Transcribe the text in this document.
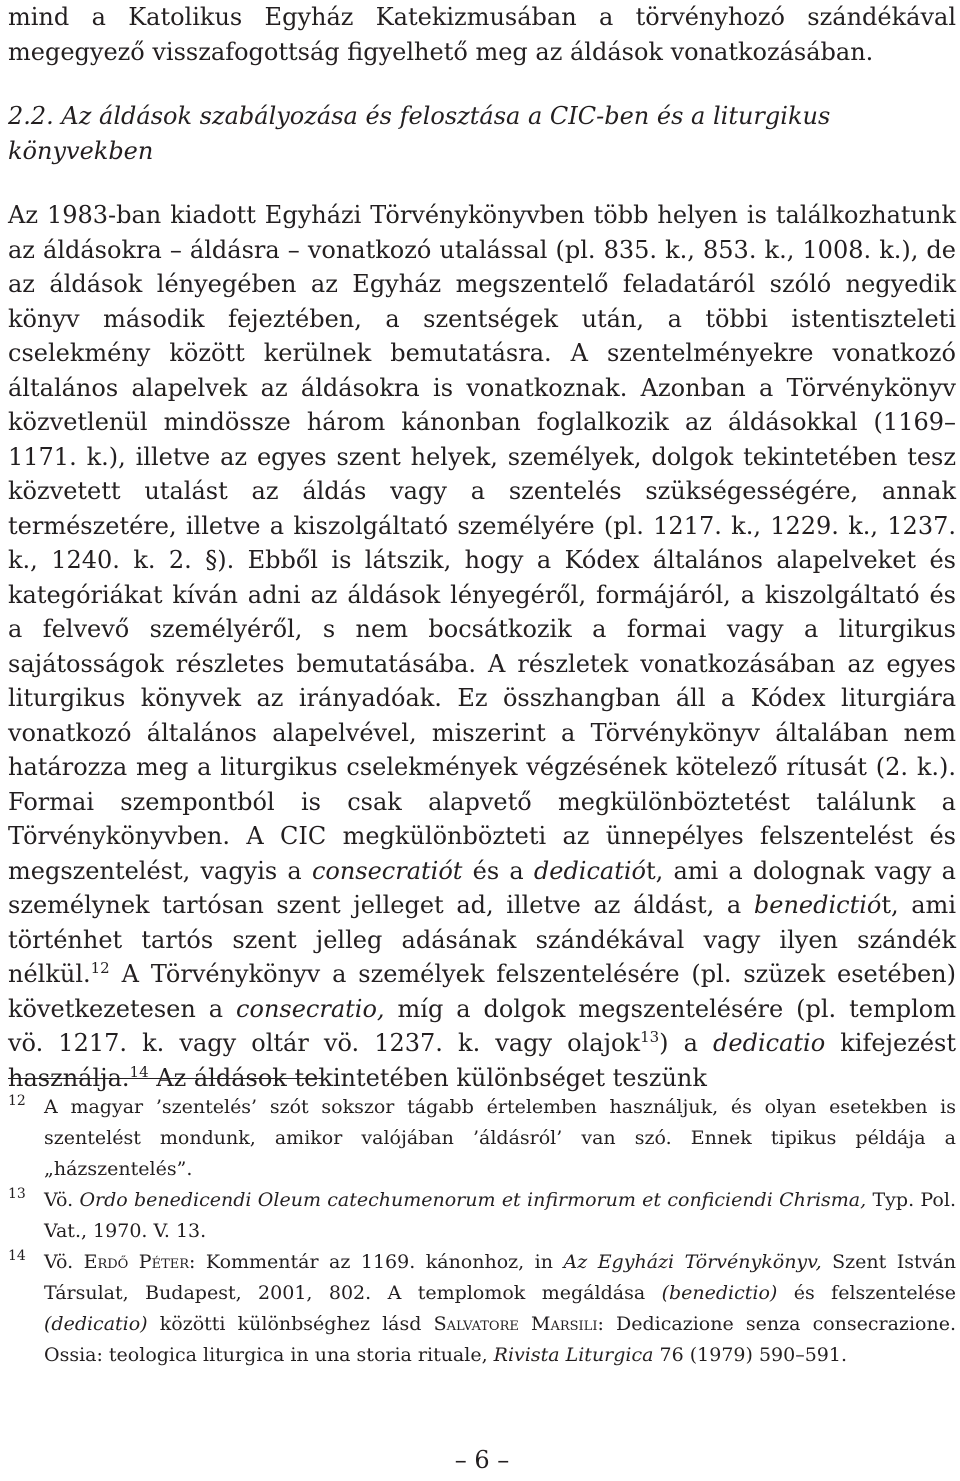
mind a Katolikus Egyház Katekizmusában a törvényhozó szándékával megegyező visszafogottság figyelhető meg az áldások vonatkozásában.

2.2. Az áldások szabályozása és felosztása a CIC-ben és a liturgikus könyvekben

Az 1983-ban kiadott Egyházi Törvénykönyvben több helyen is találkozhatunk az áldásokra – áldásra – vonatkozó utalással (pl. 835. k., 853. k., 1008. k.), de az áldások lényegében az Egyház megszentelő feladatáról szóló negyedik könyv második fejeztében, a szentségek után, a többi istentiszteleti cselekmény között kerülnek bemutatásra. A szentelményekre vonatkozó általános alapelvek az áldásokra is vonatkoznak. Azonban a Törvénykönyv közvetlenül mindössze három kánonban foglalkozik az áldásokkal (1169–1171. k.), illetve az egyes szent helyek, személyek, dolgok tekintetében tesz közvetett utalást az áldás vagy a szentelés szükségességére, annak természetére, illetve a kiszolgáltató személyére (pl. 1217. k., 1229. k., 1237. k., 1240. k. 2. §). Ebből is látszik, hogy a Kódex általános alapelveket és kategóriákat kíván adni az áldások lényegéről, formájáról, a kiszolgáltató és a felvevő személyéről, s nem bocsátkozik a formai vagy a liturgikus sajátosságok részletes bemutatásába. A részletek vonatkozásában az egyes liturgikus könyvek az irányadóak. Ez összhangban áll a Kódex liturgiára vonatkozó általános alapelvével, miszerint a Törvénykönyv általában nem határozza meg a liturgikus cselekmények végzésének kötelező rítusát (2. k.). Formai szempontból is csak alapvető megkülönböztetést találunk a Törvénykönyvben. A CIC megkülönbözteti az ünnepélyes felszentelést és megszentelést, vagyis a consecratiót és a dedicatiót, ami a dolognak vagy a személynek tartósan szent jelleget ad, illetve az áldást, a benedictiót, ami történhet tartós szent jelleg adásának szándékával vagy ilyen szándék nélkül.$^{12}$ A Törvénykönyv a személyek felszentelésére (pl. szüzek esetében) következetesen a consecratio, míg a dolgok megszentelésére (pl. templom vö. 1217. k. vagy oltár vö. 1237. k. vagy olajok$^{13}$) a dedicatio kifejezést használja.$^{14}$ Az áldások tekintetében különbséget teszünk

12 A magyar ’szentelés’ szót sokszor tágabb értelemben használjuk, és olyan esetekben is szentelést mondunk, amikor valójában ’áldásról’ van szó. Ennek tipikus példája a „házszentelés”.

13 Vö. Ordo benedicendi Oleum catechumenorum et infirmorum et conficiendi Chrisma, Typ. Pol. Vat., 1970. V. 13.

14 Vö. Erdő Péter: Kommentár az 1169. kánonhoz, in Az Egyházi Törvénykönyv, Szent István Társulat, Budapest, 2001, 802. A templomok megáldása (benedictio) és felszentelése (dedicatio) közötti különbséghez lásd Salvatore Marsili: Dedicazione senza consecrazione. Ossia: teologica liturgica in una storia rituale, Rivista Liturgica 76 (1979) 590–591.

– 6 –
